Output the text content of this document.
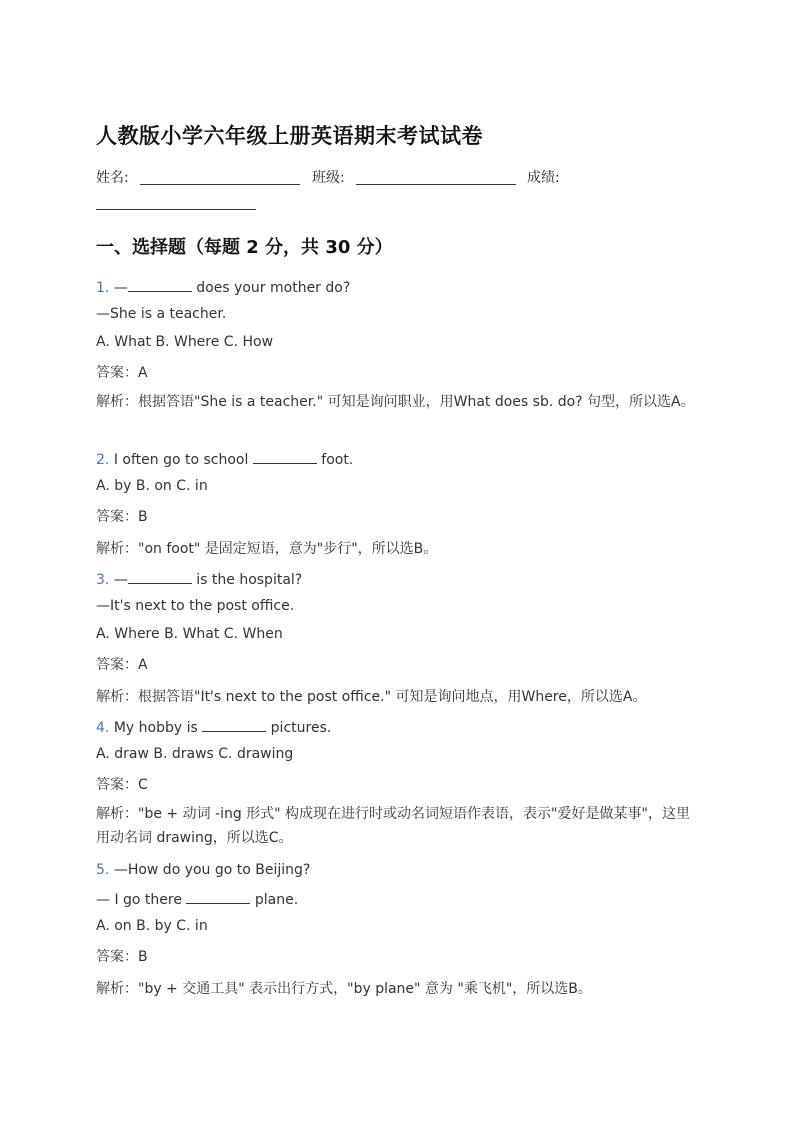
人教版小学六年级上册英语期末考试试卷
姓名:	班级:	成绩:
一、选择题（每题 2 分，共 30 分）
1. —	does your mother do?
—She is a teacher.
A. What B. Where C. How
答案：A
解析：根据答语"She is a teacher." 可知是询问职业，用What does sb. do? 句型，所以选A。
2. I often go to school	foot.
A. by B. on C. in
答案：B
解析："on foot" 是固定短语，意为"步行"，所以选B。
3. —	is the hospital?
—It's next to the post office.
A. Where B. What C. When
答案：A
解析：根据答语"It's next to the post office." 可知是询问地点，用Where，所以选A。
4. My hobby is	pictures.
A. draw B. draws C. drawing
答案：C
解析："be + 动词 -ing 形式" 构成现在进行时或动名词短语作表语，表示"爱好是做某事"，这里用动名词 drawing，所以选C。
5. —How do you go to Beijing?
— I go there	plane.
A. on B. by C. in
答案：B
解析："by + 交通工具" 表示出行方式，"by plane" 意为 "乘飞机"，所以选B。
